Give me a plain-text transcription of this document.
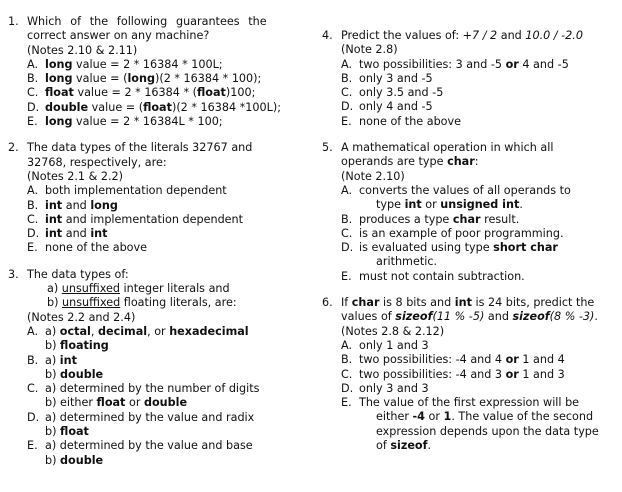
1. Which of the following guarantees the
correct answer on any machine?
(Notes 2.10 & 2.11)
A. long value = 2 * 16384 * 100L;
B. long value = (long)(2 * 16384 * 100);
C. float value = 2 * 16384 * (float)100;
D. double value = (float)(2 * 16384 *100L);
E. long value = 2 * 16384L * 100;
2. The data types of the literals 32767 and
32768, respectively, are:
(Notes 2.1 & 2.2)
A. both implementation dependent
B. int and long
C. int and implementation dependent
D. int and int
E. none of the above
3. The data types of:
a) unsuffixed integer literals and
b) unsuffixed floating literals, are:
(Notes 2.2 and 2.4)
A. a) octal, decimal, or hexadecimal
b) floating
B. a) int
b) double
C. a) determined by the number of digits
b) either float or double
D. a) determined by the value and radix
b) float
E. a) determined by the value and base
b) double
4. Predict the values of: +7 / 2 and 10.0 / -2.0
(Note 2.8)
A. two possibilities: 3 and -5 or 4 and -5
B. only 3 and -5
C. only 3.5 and -5
D. only 4 and -5
E. none of the above
5. A mathematical operation in which all
operands are type char:
(Note 2.10)
A. converts the values of all operands to
type int or unsigned int.
B. produces a type char result.
C. is an example of poor programming.
D. is evaluated using type short char
arithmetic.
E. must not contain subtraction.
6. If char is 8 bits and int is 24 bits, predict the
values of sizeof(11 % -5) and sizeof(8 % -3).
(Notes 2.8 & 2.12)
A. only 1 and 3
B. two possibilities: -4 and 4 or 1 and 4
C. two possibilities: -4 and 3 or 1 and 3
D. only 3 and 3
E. The value of the first expression will be
either -4 or 1. The value of the second
expression depends upon the data type
of sizeof.
